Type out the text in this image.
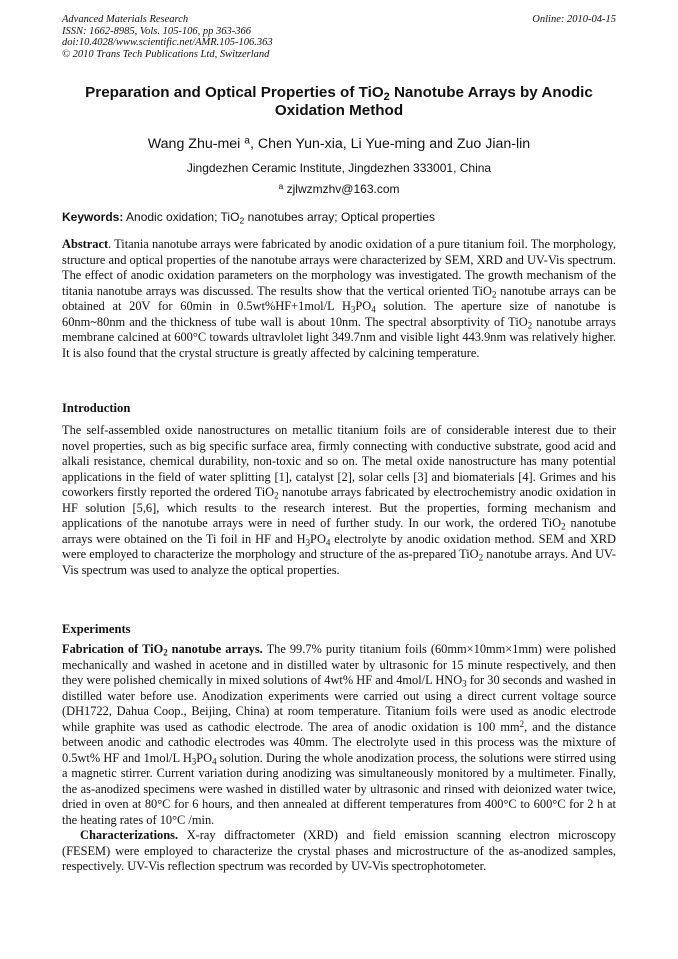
Advanced Materials Research	Online: 2010-04-15
ISSN: 1662-8985, Vols. 105-106, pp 363-366
doi:10.4028/www.scientific.net/AMR.105-106.363
© 2010 Trans Tech Publications Ltd, Switzerland
Preparation and Optical Properties of TiO$_2$ Nanotube Arrays by Anodic Oxidation Method
Wang Zhu-mei $^a$, Chen Yun-xia, Li Yue-ming and Zuo Jian-lin
Jingdezhen Ceramic Institute, Jingdezhen 333001, China
$^a$ zjlwzmzhv@163.com
Keywords: Anodic oxidation; TiO$_2$ nanotubes array; Optical properties
Abstract. Titania nanotube arrays were fabricated by anodic oxidation of a pure titanium foil. The morphology, structure and optical properties of the nanotube arrays were characterized by SEM, XRD and UV-Vis spectrum. The effect of anodic oxidation parameters on the morphology was investigated. The growth mechanism of the titania nanotube arrays was discussed. The results show that the vertical oriented TiO$_2$ nanotube arrays can be obtained at 20V for 60min in 0.5wt%HF+1mol/L $H_3PO_4$ solution. The aperture size of nanotube is 60nm~80nm and the thickness of tube wall is about 10nm. The spectral absorptivity of TiO$_2$ nanotube arrays membrane calcined at 600°C towards ultravlolet light 349.7nm and visible light 443.9nm was relatively higher. It is also found that the crystal structure is greatly affected by calcining temperature.
Introduction
The self-assembled oxide nanostructures on metallic titanium foils are of considerable interest due to their novel properties, such as big specific surface area, firmly connecting with conductive substrate, good acid and alkali resistance, chemical durability, non-toxic and so on. The metal oxide nanostructure has many potential applications in the field of water splitting [1], catalyst [2], solar cells [3] and biomaterials [4]. Grimes and his coworkers firstly reported the ordered TiO$_2$ nanotube arrays fabricated by electrochemistry anodic oxidation in HF solution [5,6], which results to the research interest. But the properties, forming mechanism and applications of the nanotube arrays were in need of further study. In our work, the ordered TiO$_2$ nanotube arrays were obtained on the Ti foil in HF and $H_3PO_4$ electrolyte by anodic oxidation method. SEM and XRD were employed to characterize the morphology and structure of the as-prepared TiO$_2$ nanotube arrays. And UV-Vis spectrum was used to analyze the optical properties.
Experiments
Fabrication of TiO$_2$ nanotube arrays. The 99.7% purity titanium foils (60mm×10mm×1mm) were polished mechanically and washed in acetone and in distilled water by ultrasonic for 15 minute respectively, and then they were polished chemically in mixed solutions of 4wt% HF and 4mol/L $HNO_3$ for 30 seconds and washed in distilled water before use. Anodization experiments were carried out using a direct current voltage source (DH1722, Dahua Coop., Beijing, China) at room temperature. Titanium foils were used as anodic electrode while graphite was used as cathodic electrode. The area of anodic oxidation is 100 $mm^2$, and the distance between anodic and cathodic electrodes was 40mm. The electrolyte used in this process was the mixture of 0.5wt% HF and 1mol/L $H_3PO_4$ solution. During the whole anodization process, the solutions were stirred using a magnetic stirrer. Current variation during anodizing was simultaneously monitored by a multimeter. Finally, the as-anodized specimens were washed in distilled water by ultrasonic and rinsed with deionized water twice, dried in oven at 80°C for 6 hours, and then annealed at different temperatures from 400°C to 600°C for 2 h at the heating rates of 10°C /min.
Characterizations. X-ray diffractometer (XRD) and field emission scanning electron microscopy (FESEM) were employed to characterize the crystal phases and microstructure of the as-anodized samples, respectively. UV-Vis reflection spectrum was recorded by UV-Vis spectrophotometer.
